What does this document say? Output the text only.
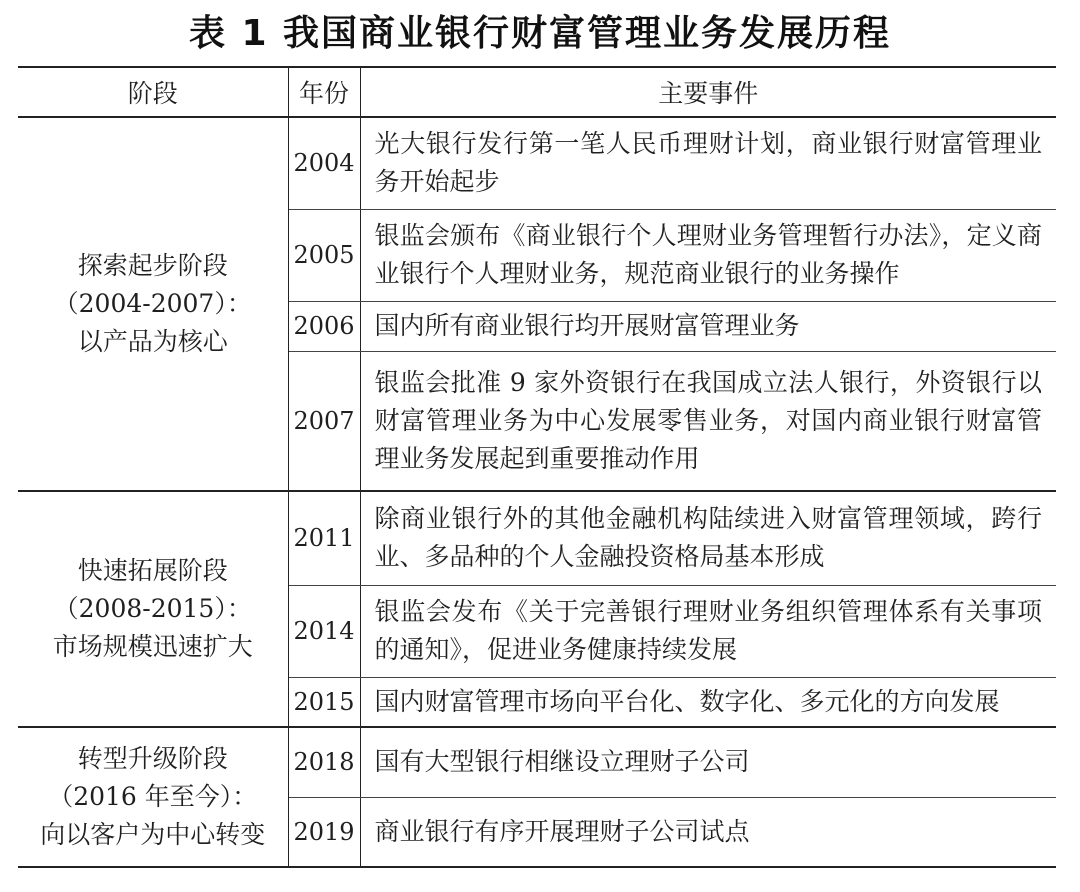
表 1 我国商业银行财富管理业务发展历程
阶段	年份	主要事件

探索起步阶段
（2004-2007）：
以产品为核心	2004	光大银行发行第一笔人民币理财计划，商业银行财富管理业务开始起步
	2005	银监会颁布《商业银行个人理财业务管理暂行办法》，定义商业银行个人理财业务，规范商业银行的业务操作
	2006	国内所有商业银行均开展财富管理业务
	2007	银监会批准 9 家外资银行在我国成立法人银行，外资银行以财富管理业务为中心发展零售业务，对国内商业银行财富管理业务发展起到重要推动作用

快速拓展阶段
（2008-2015）：
市场规模迅速扩大	2011	除商业银行外的其他金融机构陆续进入财富管理领域，跨行业、多品种的个人金融投资格局基本形成
	2014	银监会发布《关于完善银行理财业务组织管理体系有关事项的通知》，促进业务健康持续发展
	2015	国内财富管理市场向平台化、数字化、多元化的方向发展

转型升级阶段
（2016 年至今）：
向以客户为中心转变	2018	国有大型银行相继设立理财子公司
	2019	商业银行有序开展理财子公司试点
